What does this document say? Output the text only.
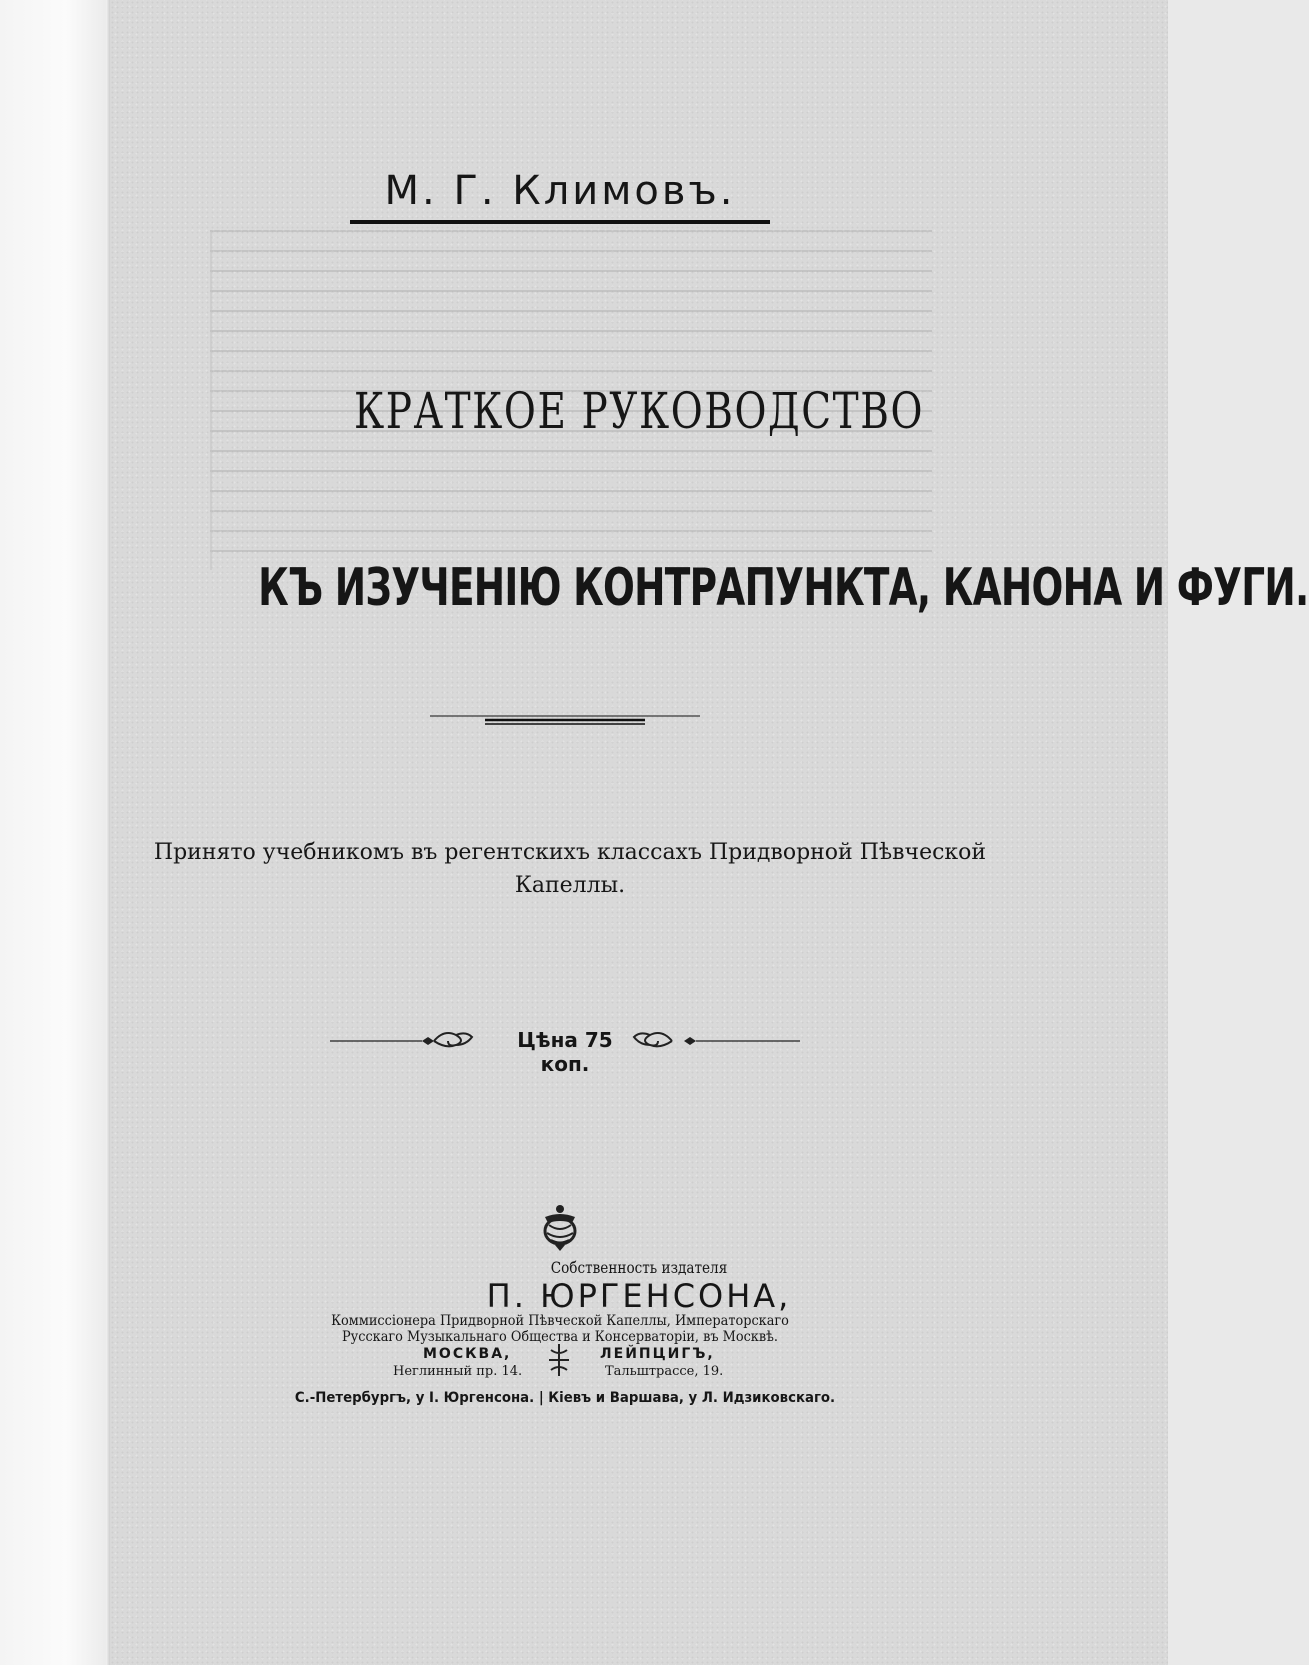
М. Г. Климовъ.
КРАТКОЕ РУКОВОДСТВО
КЪ ИЗУЧЕНІЮ КОНТРАПУНКТА, КАНОНА И ФУГИ.
Принято учебникомъ въ регентскихъ классахъ Придворной Пѣвческой Капеллы.
Цѣна 75 коп.
Собственность издателя
П. ЮРГЕНСОНА,
Коммиссіонера Придворной Пѣвческой Капеллы, Императорскаго Русскаго Музыкальнаго Общества и Консерваторіи, въ Москвѣ.
МОСКВА,	ЛЕЙПЦИГЪ,
Неглинный пр. 14.	Тальштрассе, 19.
С.-Петербургъ, у І. Юргенсона. | Кіевъ и Варшава, у Л. Идзиковскаго.
